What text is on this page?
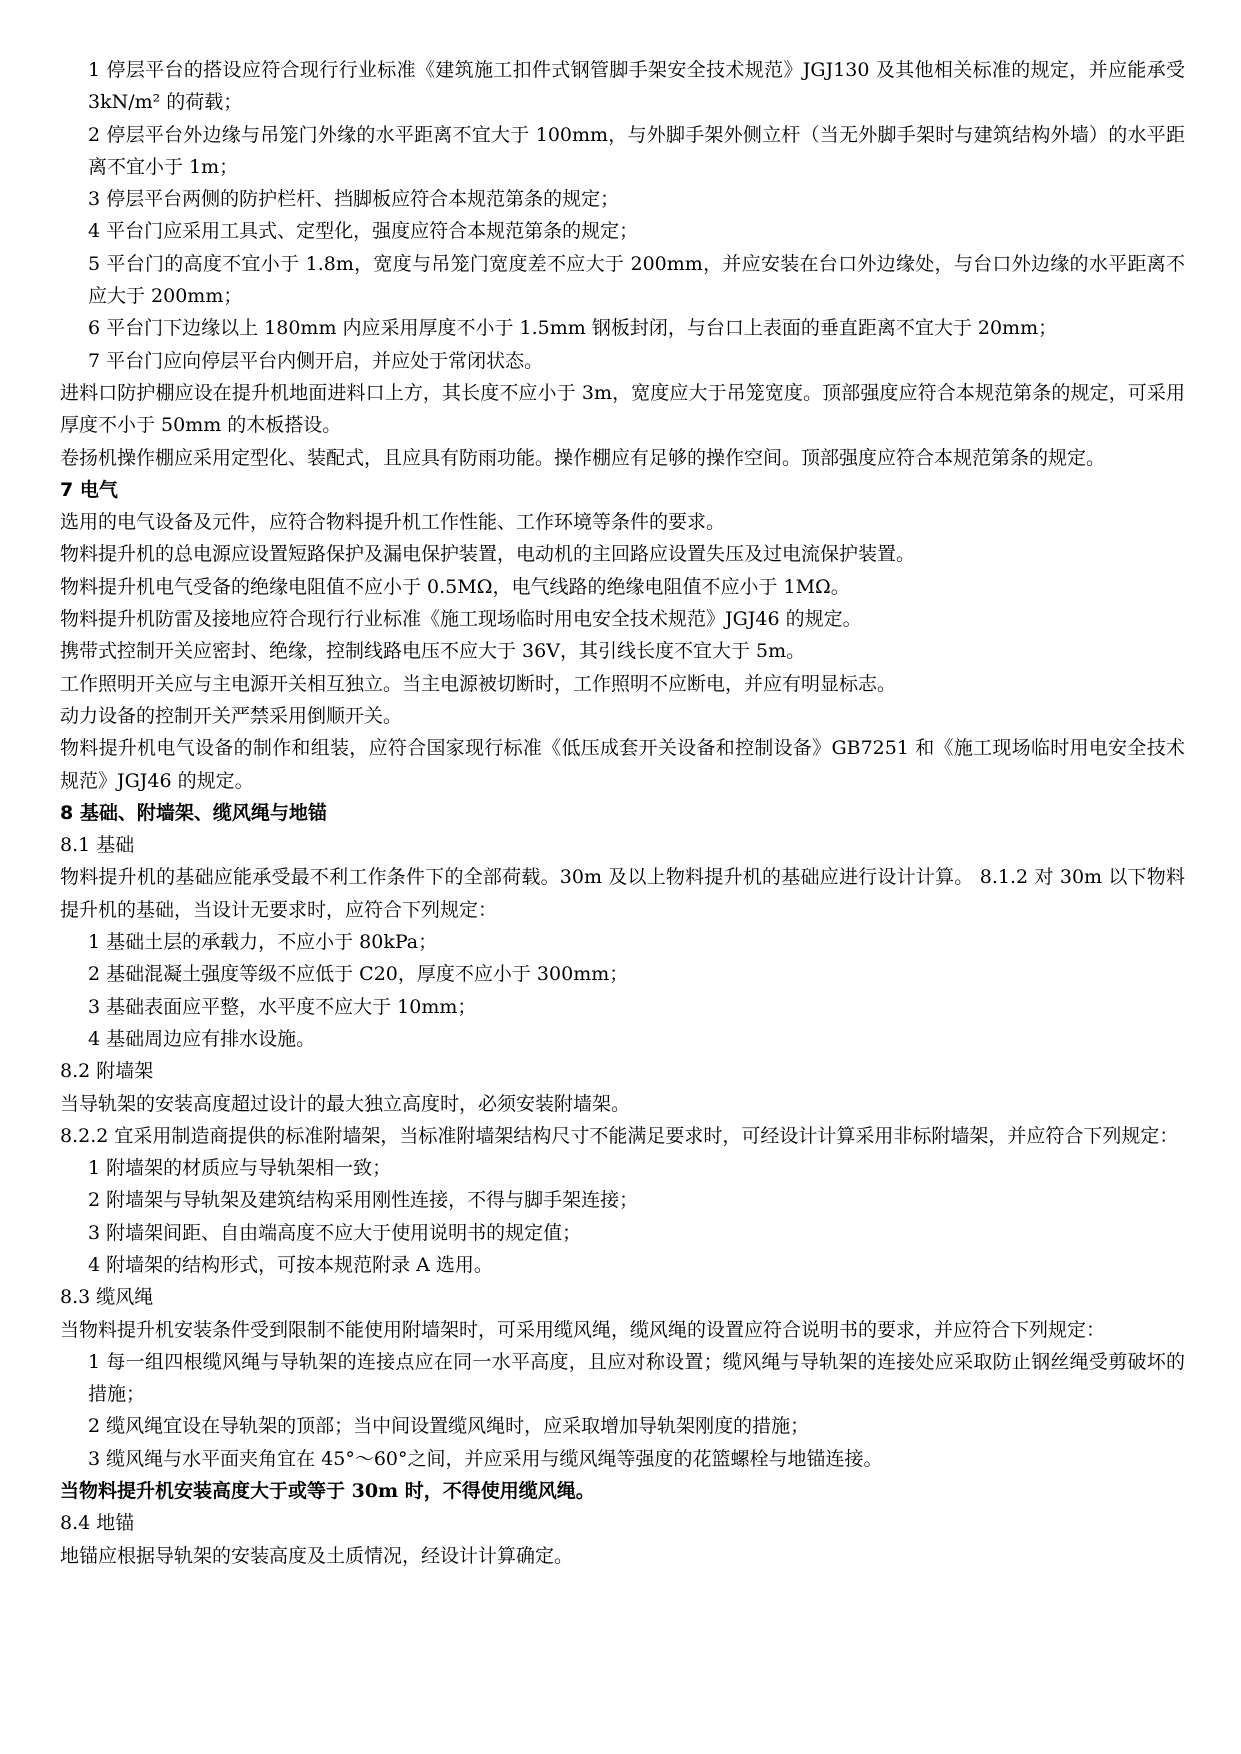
1 停层平台的搭设应符合现行行业标准《建筑施工扣件式钢管脚手架安全技术规范》JGJ130 及其他相关标准的规定，并应能承受 3kN/m² 的荷载；

2 停层平台外边缘与吊笼门外缘的水平距离不宜大于 100mm，与外脚手架外侧立杆（当无外脚手架时与建筑结构外墙）的水平距离不宜小于 1m；

3 停层平台两侧的防护栏杆、挡脚板应符合本规范第条的规定；

4 平台门应采用工具式、定型化，强度应符合本规范第条的规定；

5 平台门的高度不宜小于 1.8m，宽度与吊笼门宽度差不应大于 200mm，并应安装在台口外边缘处，与台口外边缘的水平距离不应大于 200mm；

6 平台门下边缘以上 180mm 内应采用厚度不小于 1.5mm 钢板封闭，与台口上表面的垂直距离不宜大于 20mm；

7 平台门应向停层平台内侧开启，并应处于常闭状态。

进料口防护棚应设在提升机地面进料口上方，其长度不应小于 3m，宽度应大于吊笼宽度。顶部强度应符合本规范第条的规定，可采用厚度不小于 50mm 的木板搭设。

卷扬机操作棚应采用定型化、装配式，且应具有防雨功能。操作棚应有足够的操作空间。顶部强度应符合本规范第条的规定。

7 电气

选用的电气设备及元件，应符合物料提升机工作性能、工作环境等条件的要求。

物料提升机的总电源应设置短路保护及漏电保护装置，电动机的主回路应设置失压及过电流保护装置。

物料提升机电气受备的绝缘电阻值不应小于 0.5MΩ，电气线路的绝缘电阻值不应小于 1MΩ。

物料提升机防雷及接地应符合现行行业标准《施工现场临时用电安全技术规范》JGJ46 的规定。

携带式控制开关应密封、绝缘，控制线路电压不应大于 36V，其引线长度不宜大于 5m。

工作照明开关应与主电源开关相互独立。当主电源被切断时，工作照明不应断电，并应有明显标志。

动力设备的控制开关严禁采用倒顺开关。

物料提升机电气设备的制作和组装，应符合国家现行标准《低压成套开关设备和控制设备》GB7251 和《施工现场临时用电安全技术规范》JGJ46 的规定。

8 基础、附墙架、缆风绳与地锚

8.1 基础

物料提升机的基础应能承受最不利工作条件下的全部荷载。30m 及以上物料提升机的基础应进行设计计算。 8.1.2 对 30m 以下物料提升机的基础，当设计无要求时，应符合下列规定：

1 基础土层的承载力，不应小于 80kPa；

2 基础混凝土强度等级不应低于 C20，厚度不应小于 300mm；

3 基础表面应平整，水平度不应大于 10mm；

4 基础周边应有排水设施。

8.2 附墙架

当导轨架的安装高度超过设计的最大独立高度时，必须安装附墙架。

8.2.2 宜采用制造商提供的标准附墙架，当标准附墙架结构尺寸不能满足要求时，可经设计计算采用非标附墙架，并应符合下列规定：

1 附墙架的材质应与导轨架相一致；

2 附墙架与导轨架及建筑结构采用刚性连接，不得与脚手架连接；

3 附墙架间距、自由端高度不应大于使用说明书的规定值；

4 附墙架的结构形式，可按本规范附录 A 选用。

8.3 缆风绳

当物料提升机安装条件受到限制不能使用附墙架时，可采用缆风绳，缆风绳的设置应符合说明书的要求，并应符合下列规定：

1 每一组四根缆风绳与导轨架的连接点应在同一水平高度，且应对称设置；缆风绳与导轨架的连接处应采取防止钢丝绳受剪破坏的措施；

2 缆风绳宜设在导轨架的顶部；当中间设置缆风绳时，应采取增加导轨架刚度的措施；

3 缆风绳与水平面夹角宜在 45°～60°之间，并应采用与缆风绳等强度的花篮螺栓与地锚连接。

当物料提升机安装高度大于或等于 30m 时，不得使用缆风绳。

8.4 地锚

地锚应根据导轨架的安装高度及土质情况，经设计计算确定。
